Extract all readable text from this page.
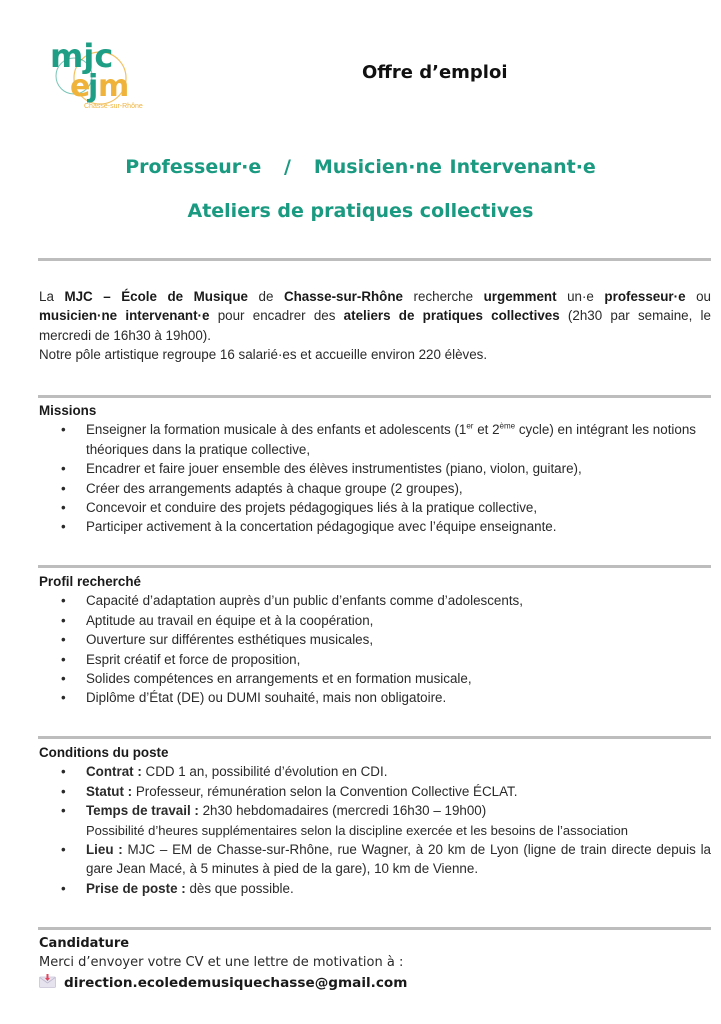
mjc
e
j m
Chasse-sur-Rhône
Offre d’emploi
Professeur·e   /   Musicien·ne Intervenant·e
Ateliers de pratiques collectives
La MJC – École de Musique de Chasse-sur-Rhône recherche urgemment un·e professeur·e ou musicien·ne intervenant·e pour encadrer des ateliers de pratiques collectives (2h30 par semaine, le mercredi de 16h30 à 19h00).
Notre pôle artistique regroupe 16 salarié·es et accueille environ 220 élèves.
Missions
• Enseigner la formation musicale à des enfants et adolescents (1er et 2ème cycle) en intégrant les notions théoriques dans la pratique collective,
• Encadrer et faire jouer ensemble des élèves instrumentistes (piano, violon, guitare),
• Créer des arrangements adaptés à chaque groupe (2 groupes),
• Concevoir et conduire des projets pédagogiques liés à la pratique collective,
• Participer activement à la concertation pédagogique avec l’équipe enseignante.
Profil recherché
• Capacité d’adaptation auprès d’un public d’enfants comme d’adolescents,
• Aptitude au travail en équipe et à la coopération,
• Ouverture sur différentes esthétiques musicales,
• Esprit créatif et force de proposition,
• Solides compétences en arrangements et en formation musicale,
• Diplôme d’État (DE) ou DUMI souhaité, mais non obligatoire.
Conditions du poste
• Contrat : CDD 1 an, possibilité d’évolution en CDI.
• Statut : Professeur, rémunération selon la Convention Collective ÉCLAT.
• Temps de travail : 2h30 hebdomadaires (mercredi 16h30 – 19h00)
Possibilité d’heures supplémentaires selon la discipline exercée et les besoins de l’association
• Lieu : MJC – EM de Chasse-sur-Rhône, rue Wagner, à 20 km de Lyon (ligne de train directe depuis la gare Jean Macé, à 5 minutes à pied de la gare), 10 km de Vienne.
• Prise de poste : dès que possible.
Candidature
Merci d’envoyer votre CV et une lettre de motivation à :
direction.ecoledemusiquechasse@gmail.com
